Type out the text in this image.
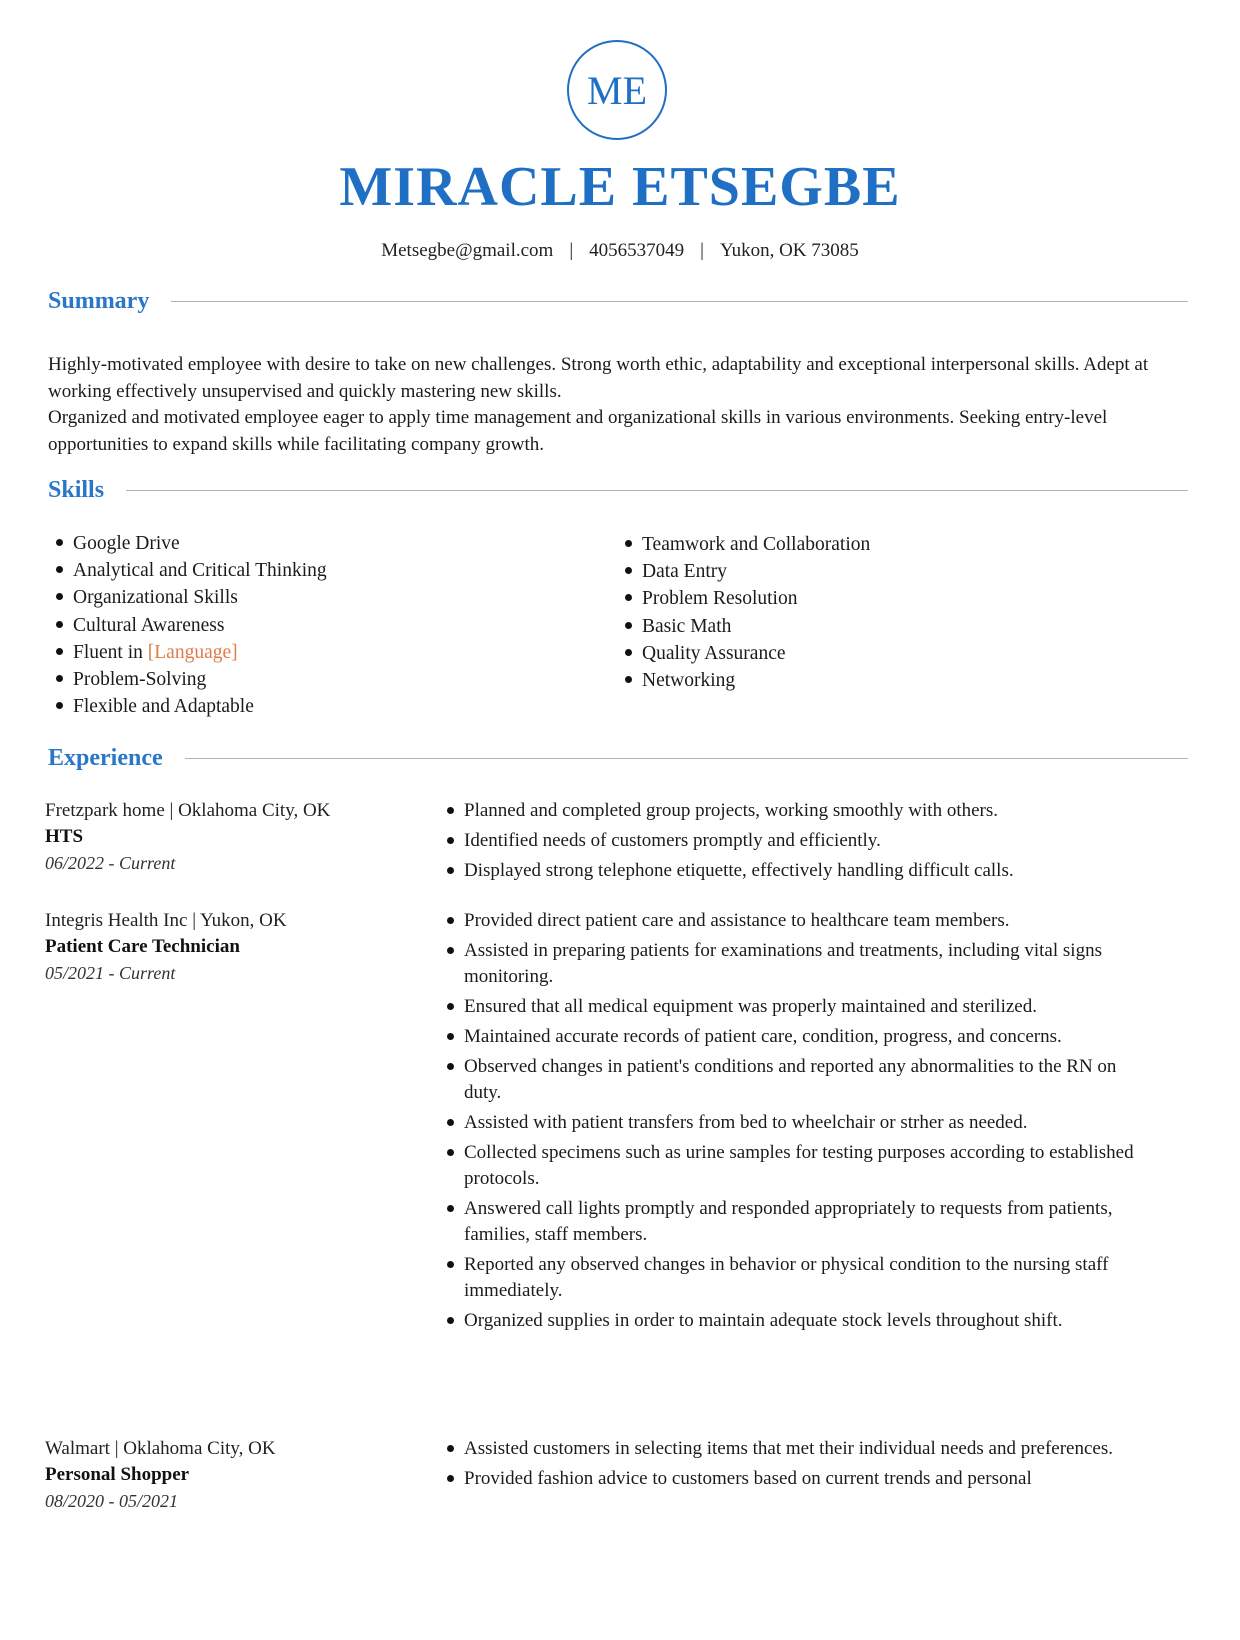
ME
MIRACLE ETSEGBE
Metsegbe@gmail.com | 4056537049 | Yukon, OK 73085
Summary

Highly-motivated employee with desire to take on new challenges. Strong worth ethic, adaptability and exceptional interpersonal skills. Adept at working effectively unsupervised and quickly mastering new skills.

Organized and motivated employee eager to apply time management and organizational skills in various environments. Seeking entry-level opportunities to expand skills while facilitating company growth.

Skills
Google Drive
Analytical and Critical Thinking
Organizational Skills
Cultural Awareness
Fluent in [Language]
Problem-Solving
Flexible and Adaptable
Teamwork and Collaboration
Data Entry
Problem Resolution
Basic Math
Quality Assurance
Networking
Experience
Fretzpark home | Oklahoma City, OK
HTS
06/2022 - Current
Planned and completed group projects, working smoothly with others.
Identified needs of customers promptly and efficiently.
Displayed strong telephone etiquette, effectively handling difficult calls.
Integris Health Inc | Yukon, OK
Patient Care Technician
05/2021 - Current
Provided direct patient care and assistance to healthcare team members.
Assisted in preparing patients for examinations and treatments, including vital signs monitoring.
Ensured that all medical equipment was properly maintained and sterilized.
Maintained accurate records of patient care, condition, progress, and concerns.
Observed changes in patient's conditions and reported any abnormalities to the RN on duty.
Assisted with patient transfers from bed to wheelchair or strher as needed.
Collected specimens such as urine samples for testing purposes according to established protocols.
Answered call lights promptly and responded appropriately to requests from patients, families, staff members.
Reported any observed changes in behavior or physical condition to the nursing staff immediately.
Organized supplies in order to maintain adequate stock levels throughout shift.
Walmart | Oklahoma City, OK
Personal Shopper
08/2020 - 05/2021
Assisted customers in selecting items that met their individual needs and preferences.
Provided fashion advice to customers based on current trends and personal
